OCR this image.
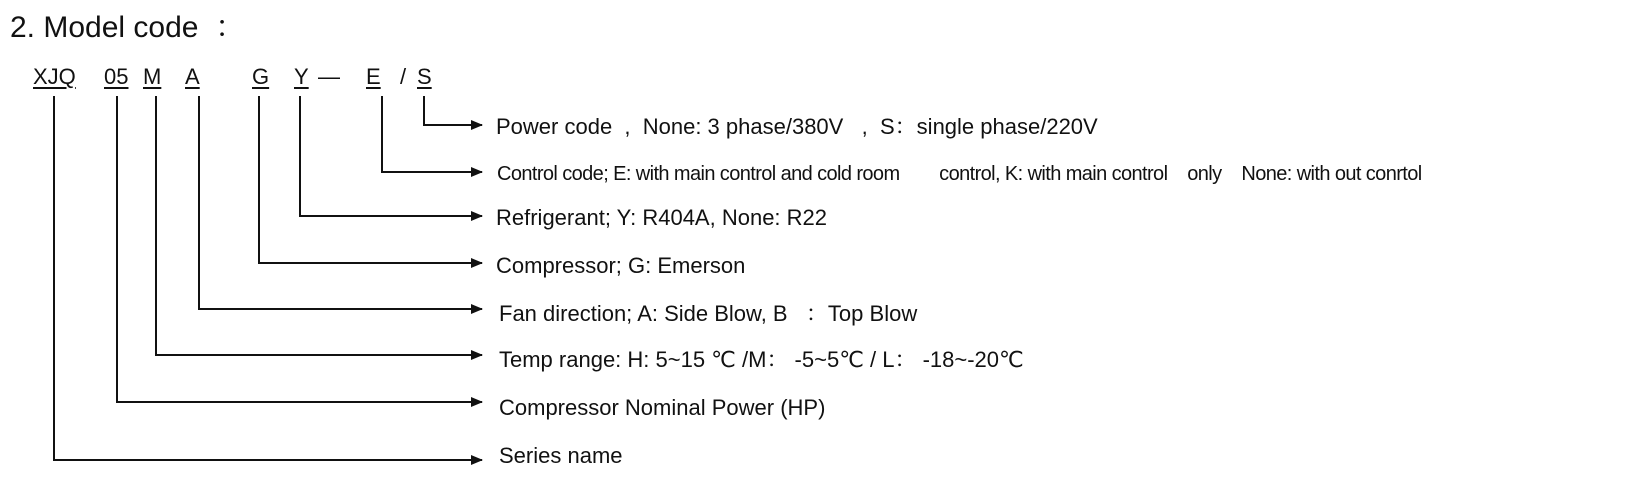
2. Model code  ：
XJQ 05 M A G Y — E / S
Power code  ,  None: 3 phase/380V   ,  S：single phase/220V
Control code; E: with main control and cold room        control, K: with main control    only    None: with out conrtol
Refrigerant; Y: R404A, None: R22
Compressor; G: Emerson
Fan direction; A: Side Blow, B   ：Top Blow
Temp range: H: 5~15 ℃ /M： -5~5℃ / L： -18~-20℃
Compressor Nominal Power (HP)
Series name
